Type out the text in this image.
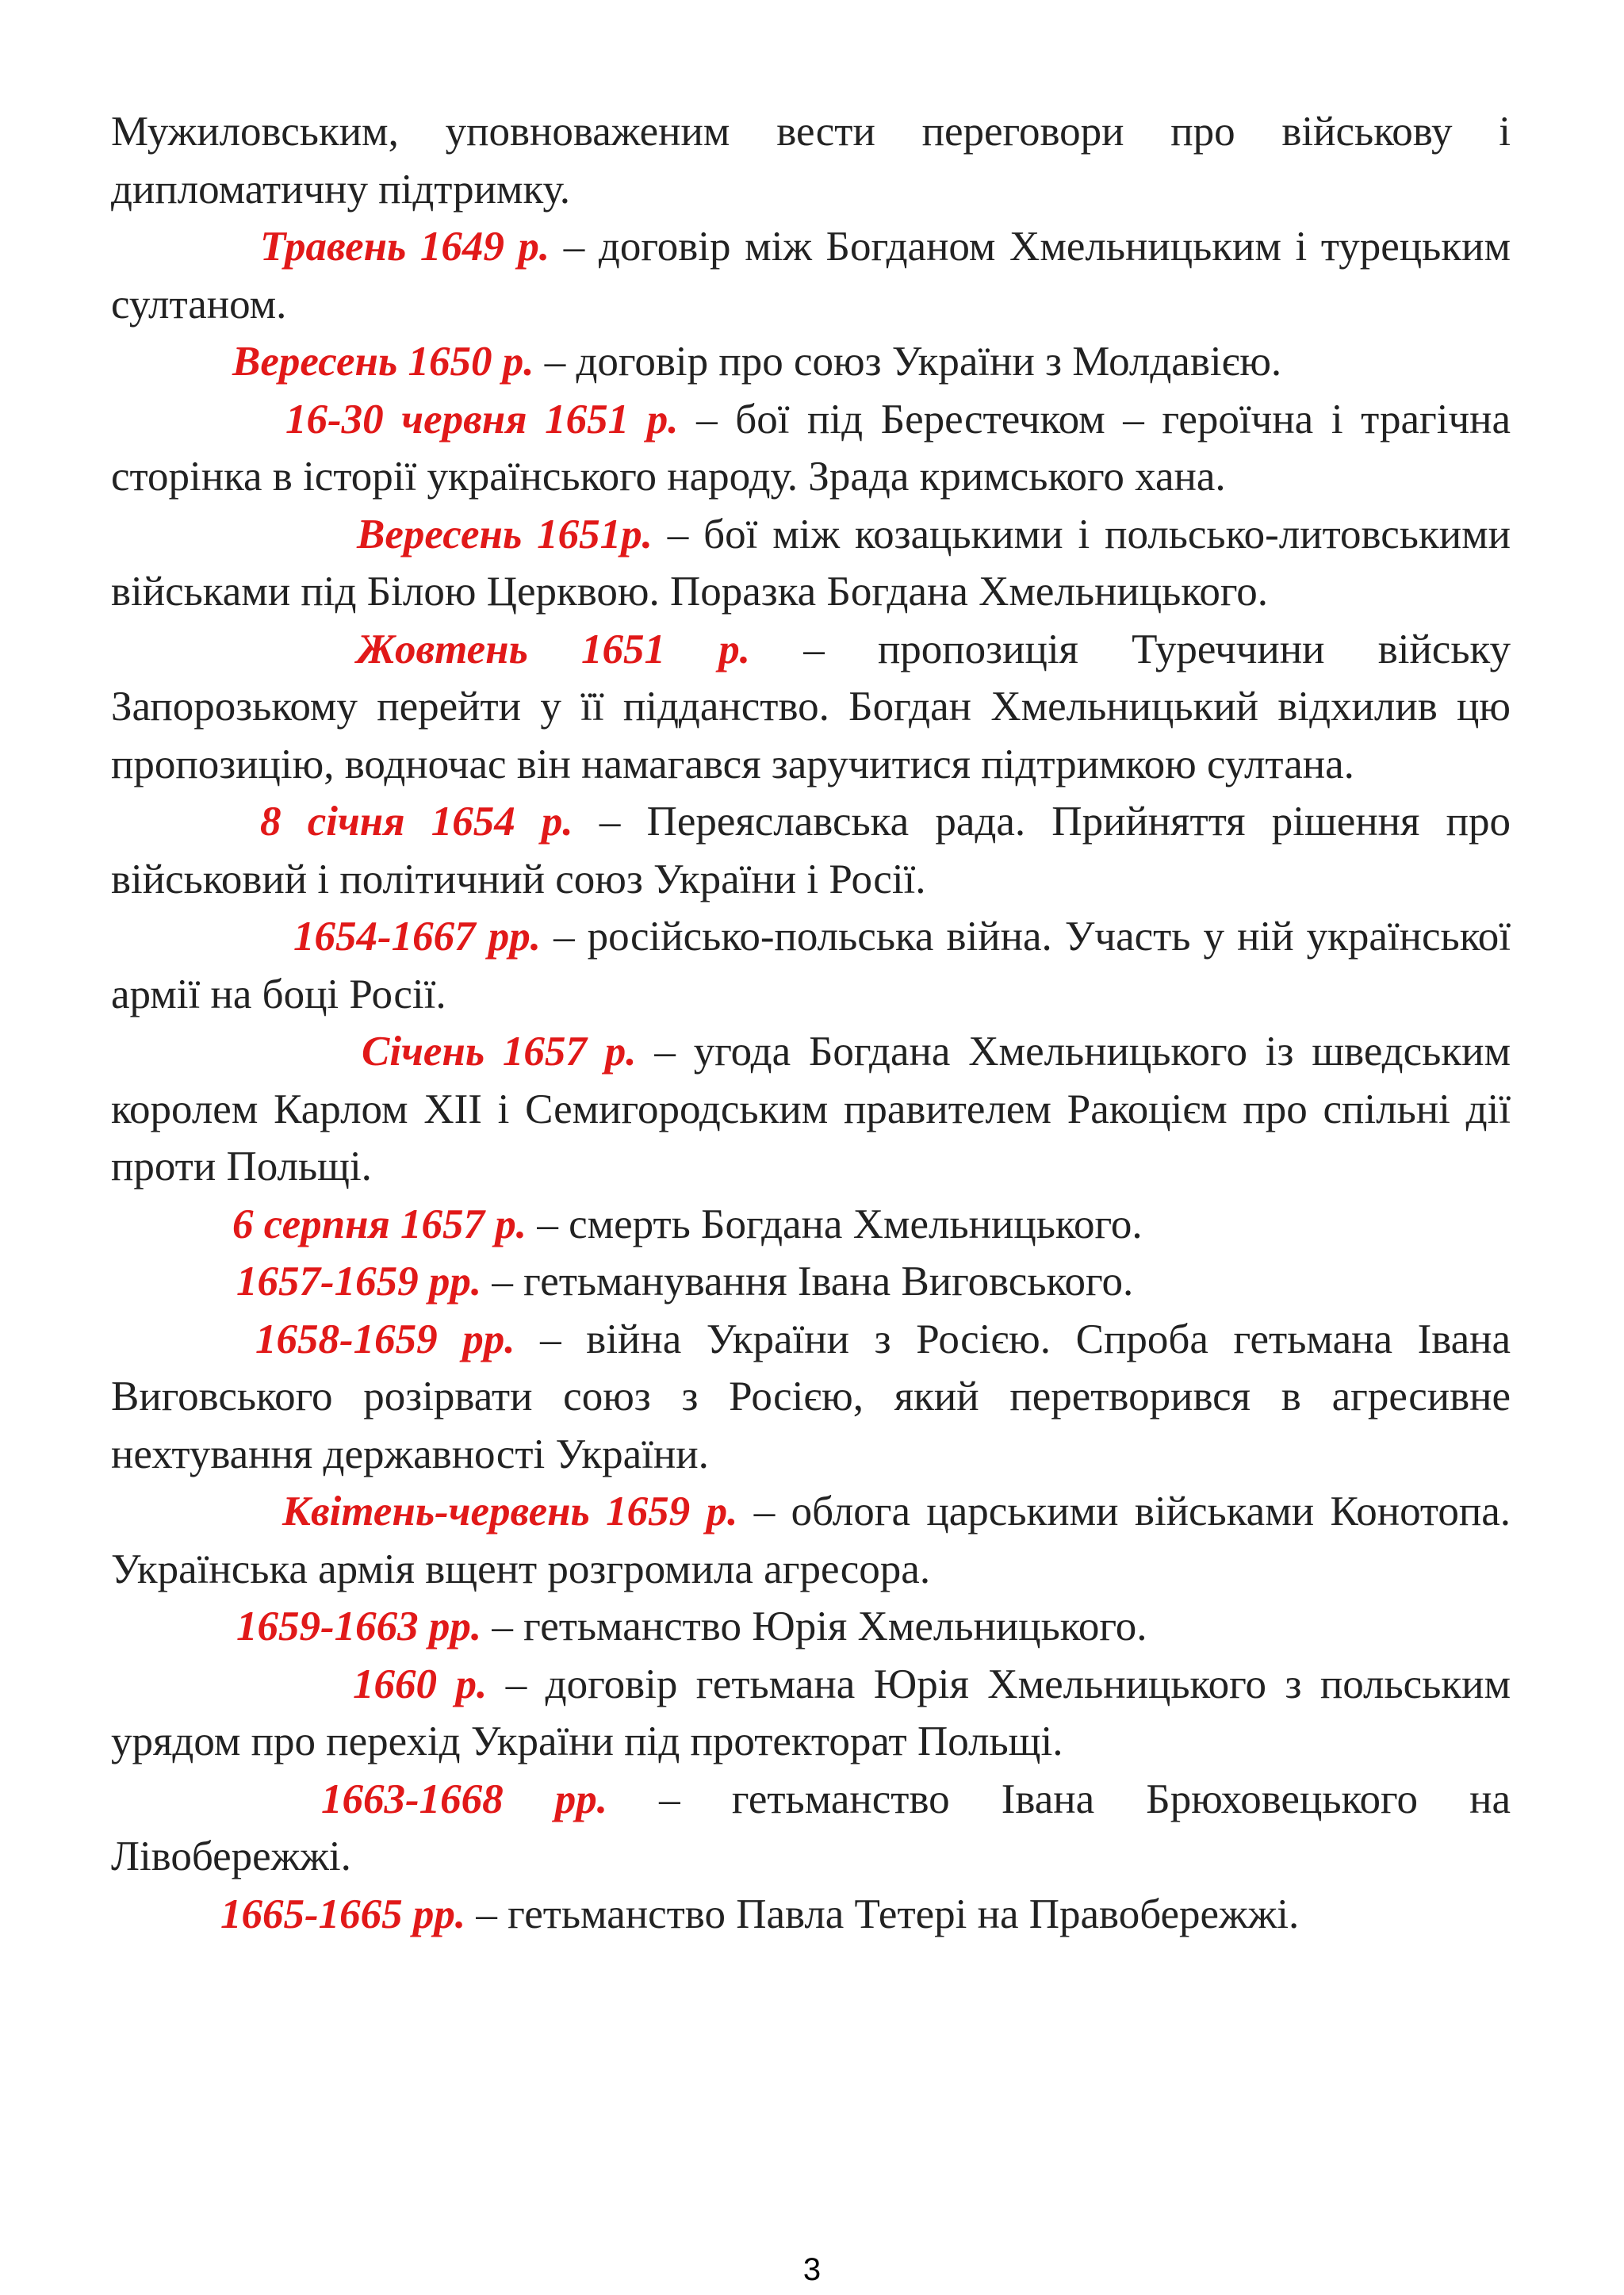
Мужиловським, уповноваженим вести переговори про військову і дипломатичну підтримку.

Травень 1649 р. – договір між Богданом Хмельницьким і турецьким султаном.

Вересень 1650 р. – договір про союз України з Молдавією.

16-30 червня 1651 р. – бої під Берестечком – героїчна і трагічна сторінка в історії українського народу. Зрада кримського хана.

Вересень 1651р. – бої між козацькими і польсько-литовськими військами під Білою Церквою. Поразка Богдана Хмельницького.

Жовтень 1651 р. – пропозиція Туреччини війську Запорозькому перейти у її підданство. Богдан Хмельницький відхилив цю пропозицію, водночас він намагався заручитися підтримкою султана.

8 січня 1654 р. – Переяславська рада. Прийняття рішення про військовий і політичний союз України і Росії.

1654-1667 рр. – російсько-польська війна. Участь у ній української армії на боці Росії.

Січень 1657 р. – угода Богдана Хмельницького із шведським королем Карлом ХІІ і Семигородським правителем Ракоцієм про спільні дії проти Польщі.

6 серпня 1657 р. – смерть Богдана Хмельницького.

1657-1659 рр. – гетьманування Івана Виговського.

1658-1659 рр. – війна України з Росією. Спроба гетьмана Івана Виговського розірвати союз з Росією, який перетворився в агресивне нехтування державності України.

Квітень-червень 1659 р. – облога царськими військами Конотопа. Українська армія вщент розгромила агресора.

1659-1663 рр. – гетьманство Юрія Хмельницького.

1660 р. – договір гетьмана Юрія Хмельницького з польським урядом про перехід України під протекторат Польщі.

1663-1668 рр. – гетьманство Івана Брюховецького на Лівобережжі.

1665-1665 рр. – гетьманство Павла Тетері на Правобережжі.

3
